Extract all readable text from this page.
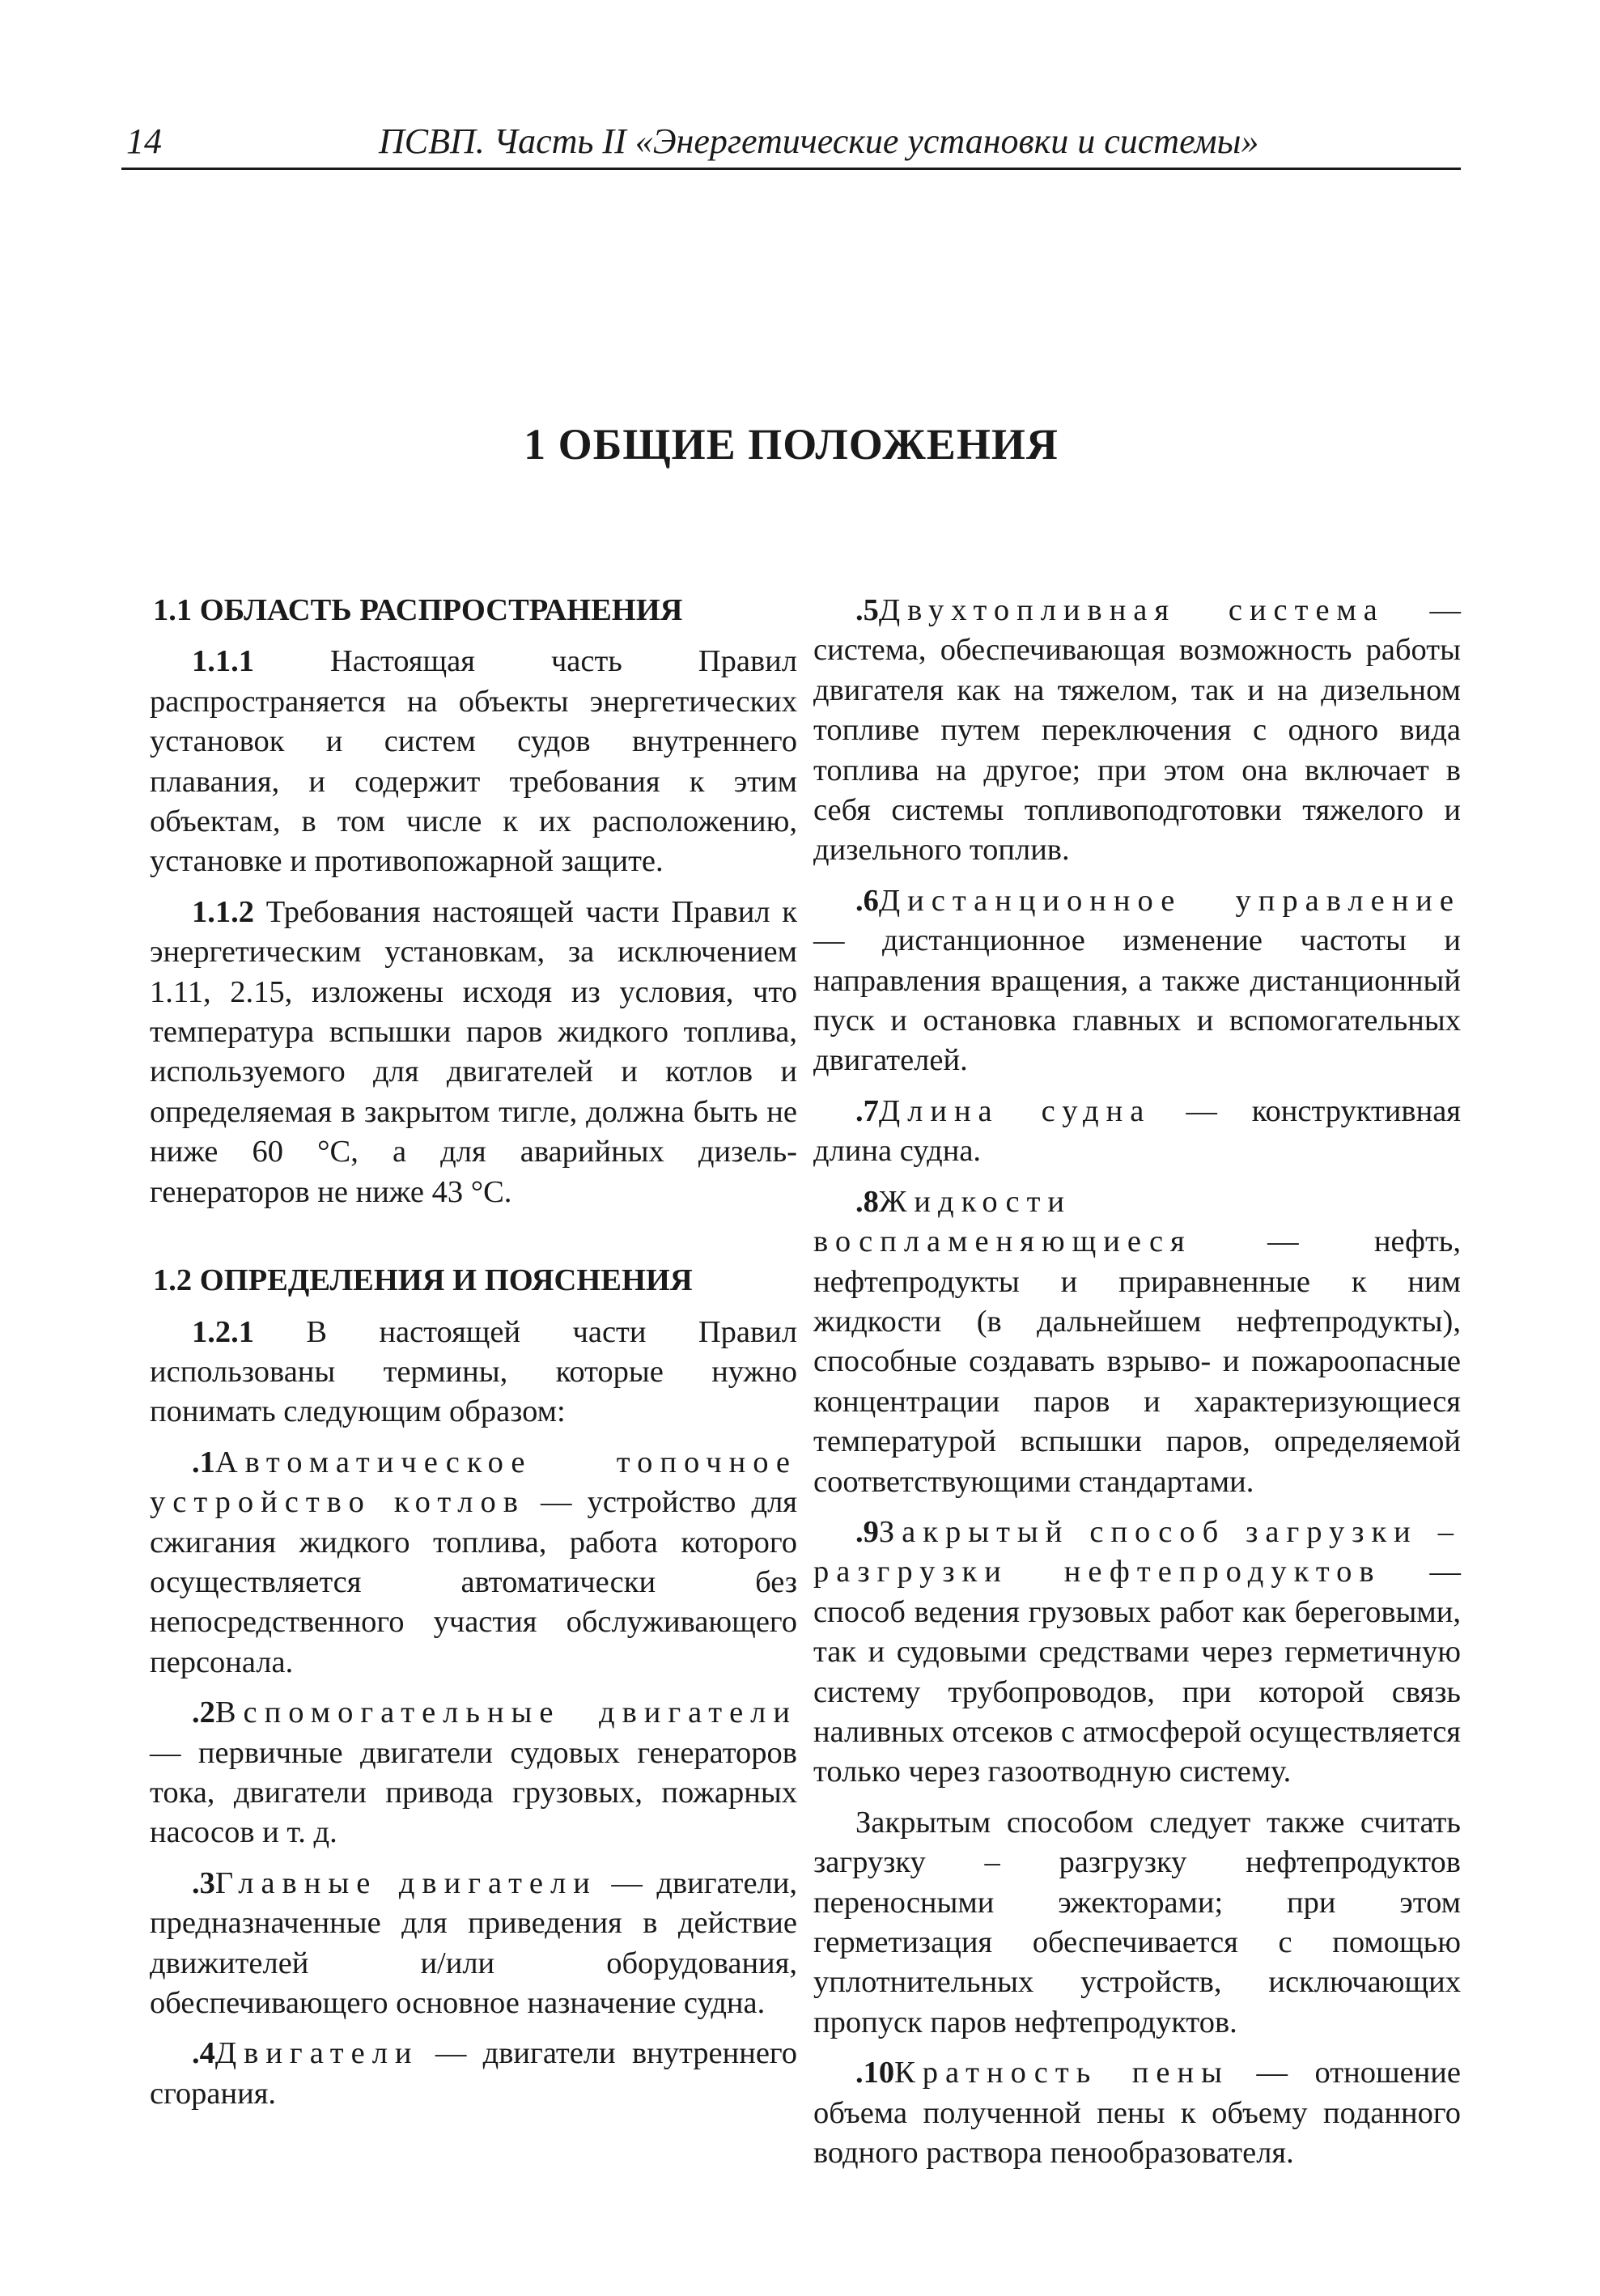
14	ПСВП. Часть II «Энергетические установки и системы»
1 ОБЩИЕ ПОЛОЖЕНИЯ
1.1 ОБЛАСТЬ РАСПРОСТРАНЕНИЯ

1.1.1 Настоящая часть Правил распространяется на объекты энергетических установок и систем судов внутреннего плавания, и содержит требования к этим объектам, в том числе к их расположению, установке и противопожарной защите.

1.1.2 Требования настоящей части Правил к энергетическим установкам, за исключением 1.11, 2.15, изложены исходя из условия, что температура вспышки паров жидкого топлива, используемого для двигателей и котлов и определяемая в закрытом тигле, должна быть не ниже 60 °C, а для аварийных дизель-генераторов не ниже 43 °C.

1.2 ОПРЕДЕЛЕНИЯ И ПОЯСНЕНИЯ

1.2.1 В настоящей части Правил использованы термины, которые нужно понимать следующим образом:

.1Автоматическое топочное устройство котлов — устройство для сжигания жидкого топлива, работа которого осуществляется автоматически без непосредственного участия обслуживающего персонала.

.2Вспомогательные двигатели — первичные двигатели судовых генераторов тока, двигатели привода грузовых, пожарных насосов и т. д.

.3Главные двигатели — двигатели, предназначенные для приведения в действие движителей и/или оборудования, обеспечивающего основное назначение судна.

.4Двигатели — двигатели внутреннего сгорания.

.5Двухтопливная система — система, обеспечивающая возможность работы двигателя как на тяжелом, так и на дизельном топливе путем переключения с одного вида топлива на другое; при этом она включает в себя системы топливоподготовки тяжелого и дизельного топлив.

.6Дистанционное управление — дистанционное изменение частоты и направления вращения, а также дистанционный пуск и остановка главных и вспомогательных двигателей.

.7Длина судна — конструктивная длина судна.

.8Жидкости воспламеняющиеся — нефть, нефтепродукты и приравненные к ним жидкости (в дальнейшем нефтепродукты), способные создавать взрыво- и пожароопасные концентрации паров и характеризующиеся температурой вспышки паров, определяемой соответствующими стандартами.

.9Закрытый способ загрузки – разгрузки нефтепродуктов — способ ведения грузовых работ как береговыми, так и судовыми средствами через герметичную систему трубопроводов, при которой связь наливных отсеков с атмосферой осуществляется только через газоотводную систему.

Закрытым способом следует также считать загрузку – разгрузку нефтепродуктов переносными эжекторами; при этом герметизация обеспечивается с помощью уплотнительных устройств, исключающих пропуск паров нефтепродуктов.

.10Кратность пены — отношение объема полученной пены к объему поданного водного раствора пенообразователя.
